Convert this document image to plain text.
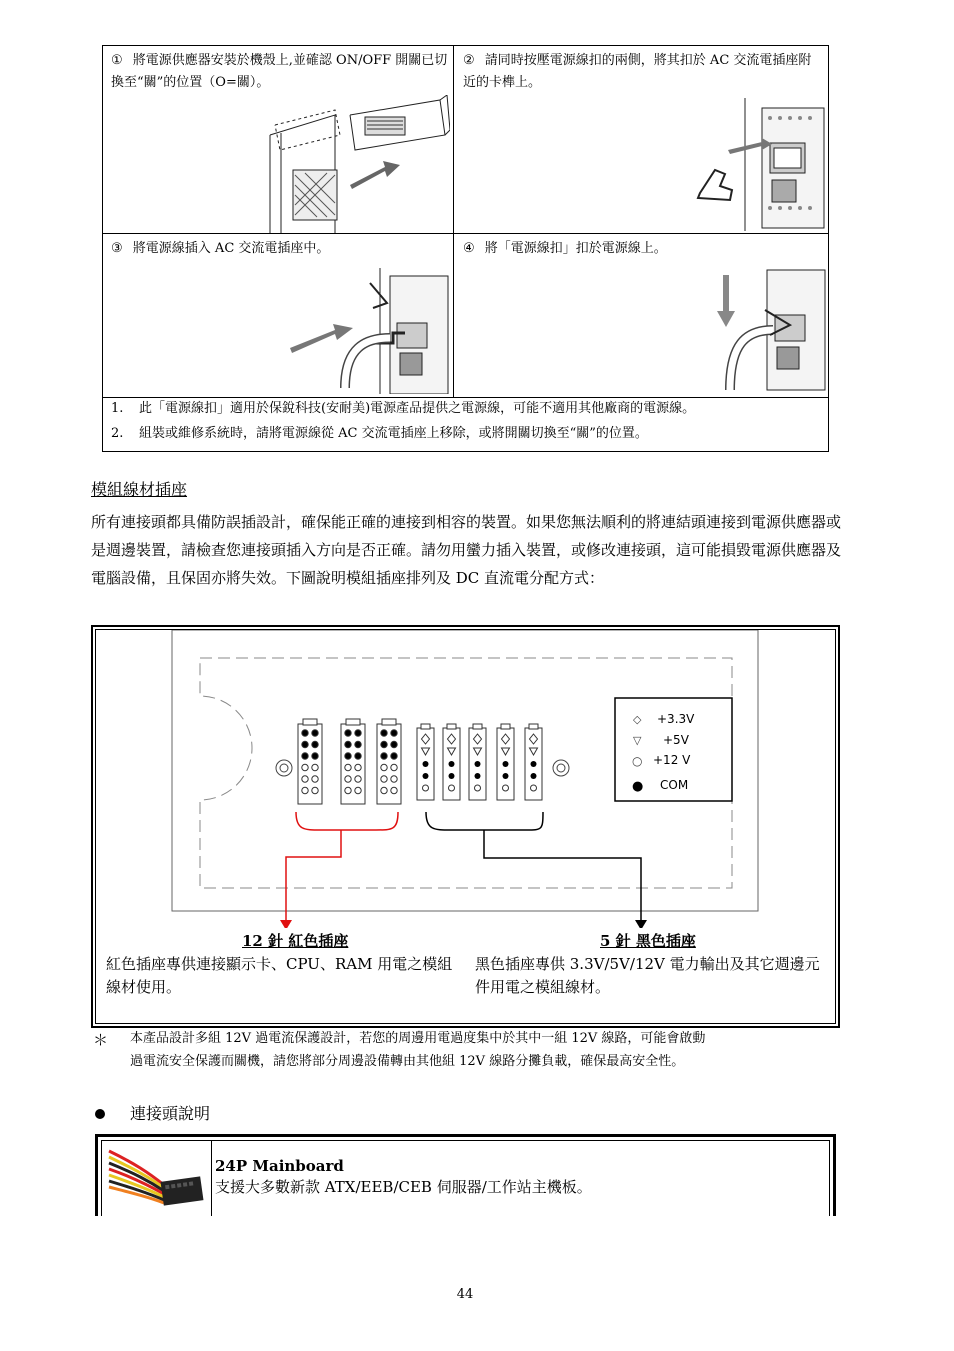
① 將電源供應器安裝於機殼上,並確認 ON/OFF 開關已切換至“關”的位置（O=關）。
② 請同時按壓電源線扣的兩側，將其扣於 AC 交流電插座附近的卡榫上。
③ 將電源線插入 AC 交流電插座中。	④ 將「電源線扣」扣於電源線上。
1. 此「電源線扣」適用於保銳科技(安耐美)電源產品提供之電源線，可能不適用其他廠商的電源線。
2. 組裝或維修系統時，請將電源線從 AC 交流電插座上移除，或將開關切換至“關”的位置。
模組線材插座
所有連接頭都具備防誤插設計，確保能正確的連接到相容的裝置。如果您無法順利的將連結頭連接到電源供應器或是週邊裝置，請檢查您連接頭插入方向是否正確。請勿用蠻力插入裝置，或修改連接頭，這可能損毀電源供應器及電腦設備，且保固亦將失效。下圖說明模組插座排列及 DC 直流電分配方式：
◇ +3.3V
▽ +5V
○ +12 V
● COM
12 針 紅色插座
紅色插座專供連接顯示卡、CPU、RAM 用電之模組線材使用。
5 針 黑色插座
黑色插座專供 3.3V/5V/12V 電力輸出及其它週邊元件用電之模組線材。
＊ 本產品設計多組 12V 過電流保護設計，若您的周邊用電過度集中於其中一組 12V 線路，可能會啟動
過電流安全保護而關機，請您將部分周邊設備轉由其他組 12V 線路分攤負載，確保最高安全性。
連接頭說明
24P Mainboard
支援大多數新款 ATX/EEB/CEB 伺服器/工作站主機板。
44
